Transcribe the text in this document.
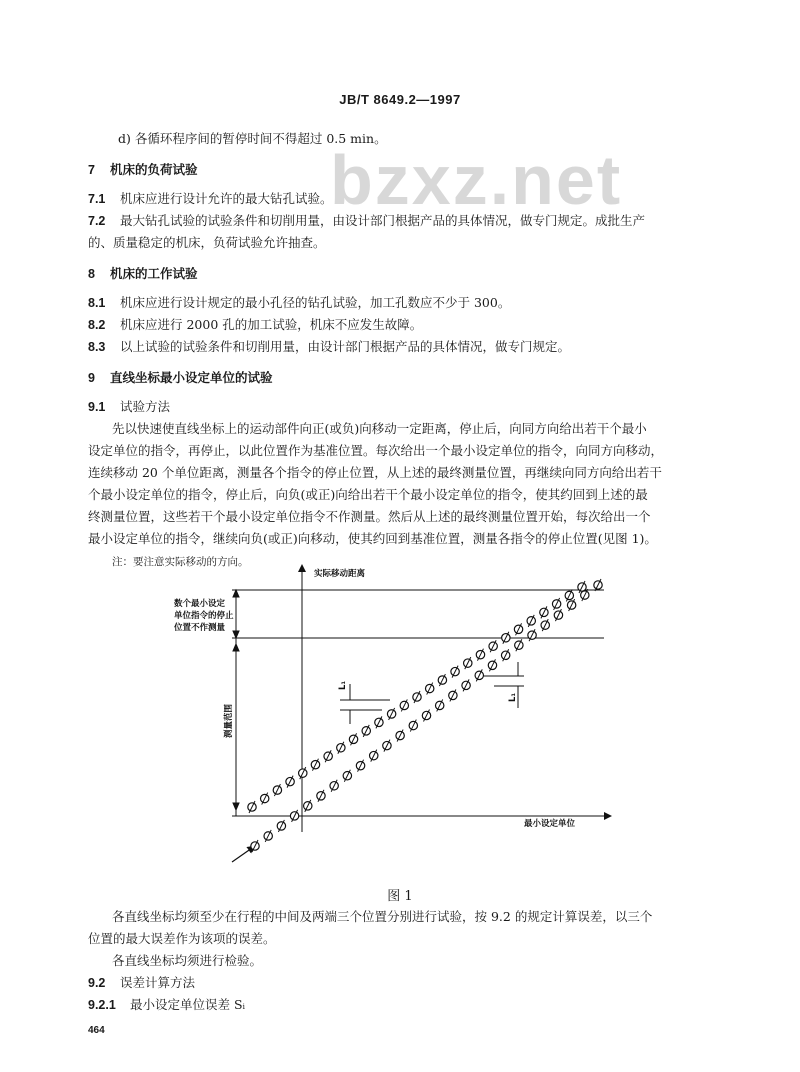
JB/T 8649.2—1997
bzxz.net
d) 各循环程序间的暂停时间不得超过 0.5 min。
7 机床的负荷试验
7.1 机床应进行设计允许的最大钻孔试验。
7.2 最大钻孔试验的试验条件和切削用量，由设计部门根据产品的具体情况，做专门规定。成批生产
的、质量稳定的机床，负荷试验允许抽查。
8 机床的工作试验
8.1 机床应进行设计规定的最小孔径的钻孔试验，加工孔数应不少于 300。
8.2 机床应进行 2000 孔的加工试验，机床不应发生故障。
8.3 以上试验的试验条件和切削用量，由设计部门根据产品的具体情况，做专门规定。
9 直线坐标最小设定单位的试验
9.1 试验方法
先以快速使直线坐标上的运动部件向正(或负)向移动一定距离，停止后，向同方向给出若干个最小
设定单位的指令，再停止，以此位置作为基准位置。每次给出一个最小设定单位的指令，向同方向移动，
连续移动 20 个单位距离，测量各个指令的停止位置，从上述的最终测量位置，再继续向同方向给出若干
个最小设定单位的指令，停止后，向负(或正)向给出若干个最小设定单位的指令，使其约回到上述的最
终测量位置，这些若干个最小设定单位指令不作测量。然后从上述的最终测量位置开始，每次给出一个
最小设定单位的指令，继续向负(或正)向移动，使其约回到基准位置，测量各指令的停止位置(见图 1)。
注：要注意实际移动的方向。
实际移动距离
最小设定单位
数个最小设定
单位指令的停止
位置不作测量
测量范围
L₁
L₁
图 1
各直线坐标均须至少在行程的中间及两端三个位置分别进行试验，按 9.2 的规定计算误差，以三个
位置的最大误差作为该项的误差。
各直线坐标均须进行检验。
9.2 误差计算方法
9.2.1 最小设定单位误差 Sᵢ
464
